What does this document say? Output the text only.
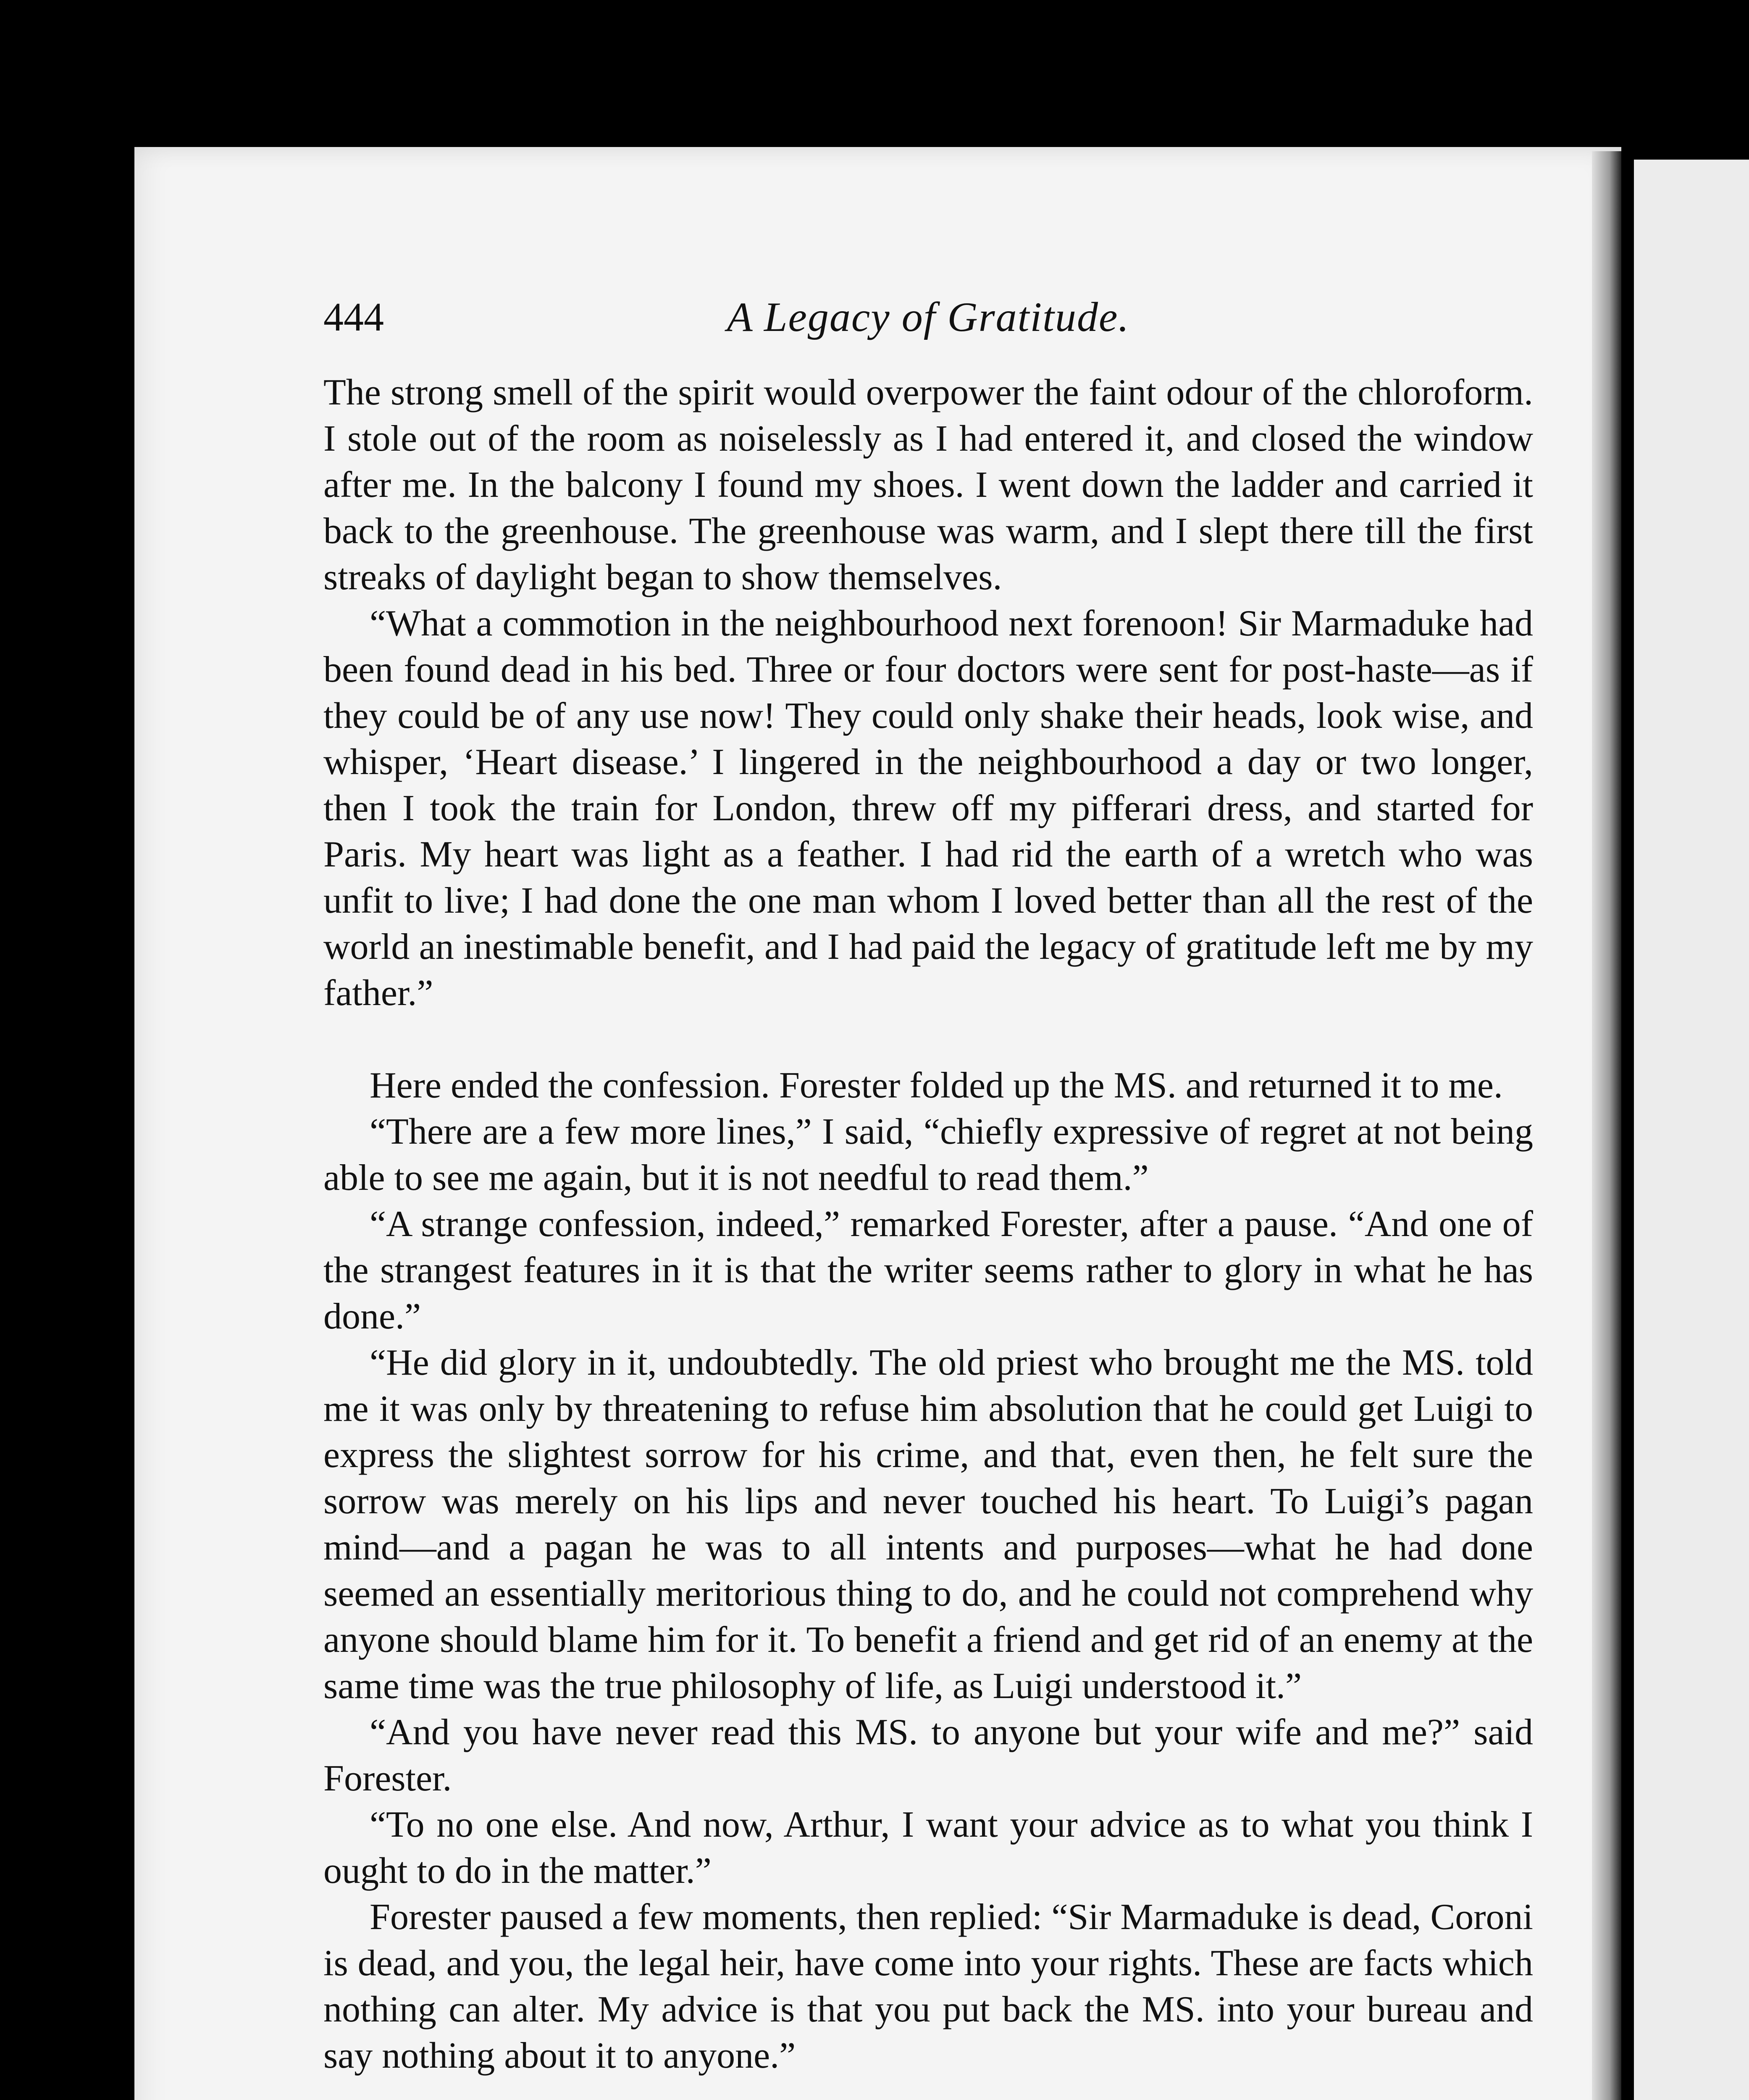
A Legacy of Gratitude.
444

The strong smell of the spirit would overpower the faint odour of the chloroform. I stole out of the room as noiselessly as I had entered it, and closed the window after me. In the balcony I found my shoes. I went down the ladder and carried it back to the greenhouse. The greenhouse was warm, and I slept there till the first streaks of daylight began to show themselves.

“What a commotion in the neighbourhood next forenoon! Sir Marmaduke had been found dead in his bed. Three or four doctors were sent for post-haste—as if they could be of any use now! They could only shake their heads, look wise, and whisper, ‘Heart disease.’ I lingered in the neighbourhood a day or two longer, then I took the train for London, threw off my pifferari dress, and started for Paris. My heart was light as a feather. I had rid the earth of a wretch who was unfit to live; I had done the one man whom I loved better than all the rest of the world an inestimable benefit, and I had paid the legacy of gratitude left me by my father.”

Here ended the confession. Forester folded up the MS. and returned it to me.

“There are a few more lines,” I said, “chiefly expressive of regret at not being able to see me again, but it is not needful to read them.”

“A strange confession, indeed,” remarked Forester, after a pause. “And one of the strangest features in it is that the writer seems rather to glory in what he has done.”

“He did glory in it, undoubtedly. The old priest who brought me the MS. told me it was only by threatening to refuse him absolution that he could get Luigi to express the slightest sorrow for his crime, and that, even then, he felt sure the sorrow was merely on his lips and never touched his heart. To Luigi’s pagan mind—and a pagan he was to all intents and purposes—what he had done seemed an essentially meritorious thing to do, and he could not comprehend why anyone should blame him for it. To benefit a friend and get rid of an enemy at the same time was the true philosophy of life, as Luigi understood it.”

“And you have never read this MS. to anyone but your wife and me?” said Forester.

“To no one else. And now, Arthur, I want your advice as to what you think I ought to do in the matter.”

Forester paused a few moments, then replied: “Sir Marmaduke is dead, Coroni is dead, and you, the legal heir, have come into your rights. These are facts which nothing can alter. My advice is that you put back the MS. into your bureau and say nothing about it to anyone.”
